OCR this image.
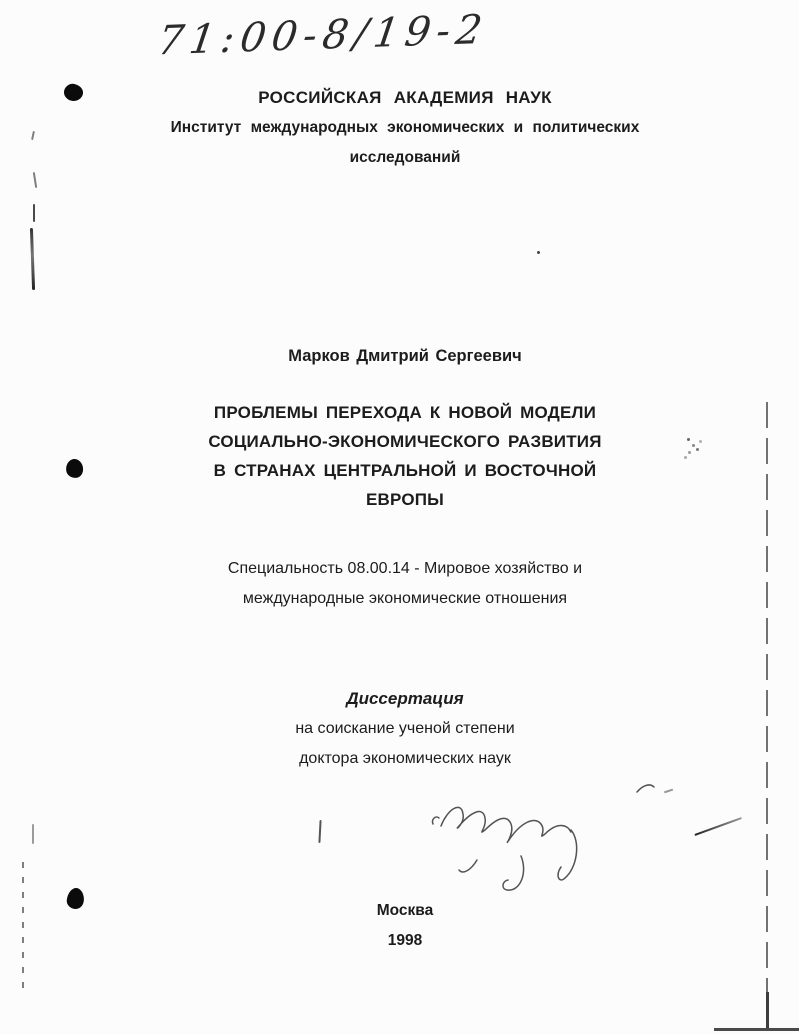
71:00-8/19-2
РОССИЙСКАЯ АКАДЕМИЯ НАУК
Институт международных экономических и политических
исследований
Марков Дмитрий Сергеевич
ПРОБЛЕМЫ ПЕРЕХОДА К НОВОЙ МОДЕЛИ
СОЦИАЛЬНО-ЭКОНОМИЧЕСКОГО РАЗВИТИЯ
В СТРАНАХ ЦЕНТРАЛЬНОЙ И ВОСТОЧНОЙ
ЕВРОПЫ
Специальность 08.00.14 - Мировое хозяйство и
международные экономические отношения
Диссертация
на соискание ученой степени
доктора экономических наук
Москва
1998
